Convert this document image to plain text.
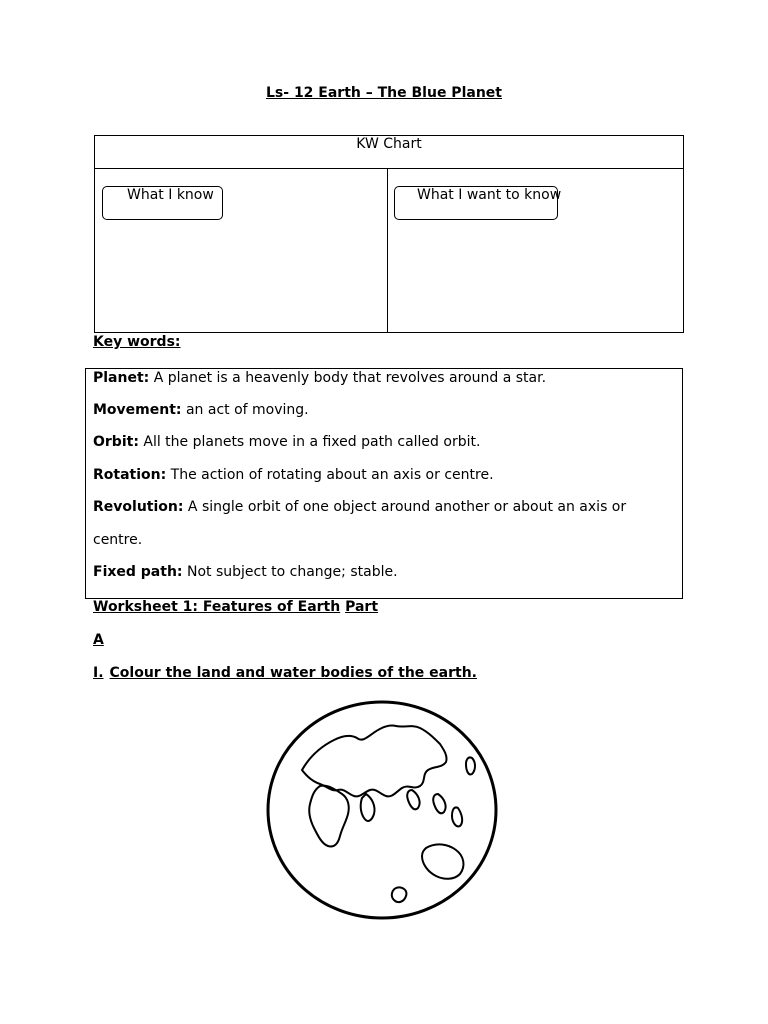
Ls- 12 Earth – The Blue Planet
KW Chart
What I know	What I want to know
Key words:
Planet: A planet is a heavenly body that revolves around a star.
Movement: an act of moving.
Orbit: All the planets move in a fixed path called orbit.
Rotation: The action of rotating about an axis or centre.
Revolution: A single orbit of one object around another or about an axis or
centre.
Fixed path: Not subject to change; stable.
Worksheet 1: Features of Earth Part
A
I. Colour the land and water bodies of the earth.
